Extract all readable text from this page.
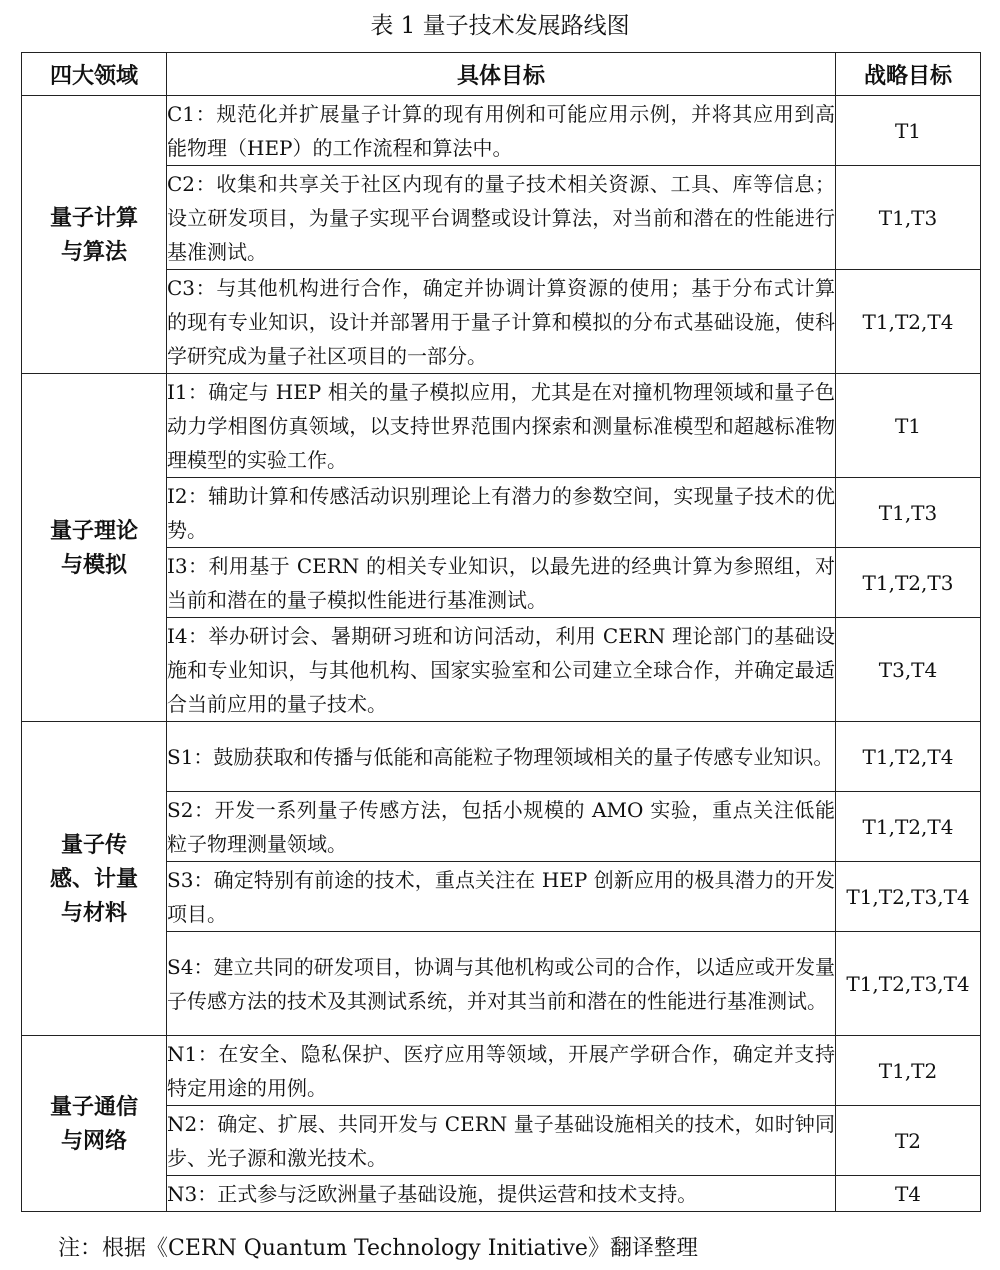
表 1 量子技术发展路线图
四大领域	具体目标	战略目标
量子计算
与算法	C1：规范化并扩展量子计算的现有用例和可能应用示例，并将其应用到高能物理（HEP）的工作流程和算法中。	T1
	C2：收集和共享关于社区内现有的量子技术相关资源、工具、库等信息；设立研发项目，为量子实现平台调整或设计算法，对当前和潜在的性能进行基准测试。	T1,T3
	C3：与其他机构进行合作，确定并协调计算资源的使用；基于分布式计算的现有专业知识，设计并部署用于量子计算和模拟的分布式基础设施，使科学研究成为量子社区项目的一部分。	T1,T2,T4
量子理论
与模拟	I1：确定与 HEP 相关的量子模拟应用，尤其是在对撞机物理领域和量子色动力学相图仿真领域，以支持世界范围内探索和测量标准模型和超越标准物理模型的实验工作。	T1
	I2：辅助计算和传感活动识别理论上有潜力的参数空间，实现量子技术的优势。	T1,T3
	I3：利用基于 CERN 的相关专业知识，以最先进的经典计算为参照组，对当前和潜在的量子模拟性能进行基准测试。	T1,T2,T3
	I4：举办研讨会、暑期研习班和访问活动，利用 CERN 理论部门的基础设施和专业知识，与其他机构、国家实验室和公司建立全球合作，并确定最适合当前应用的量子技术。	T3,T4
量子传
感、计量
与材料	S1：鼓励获取和传播与低能和高能粒子物理领域相关的量子传感专业知识。	T1,T2,T4
	S2：开发一系列量子传感方法，包括小规模的 AMO 实验，重点关注低能粒子物理测量领域。	T1,T2,T4
	S3：确定特别有前途的技术，重点关注在 HEP 创新应用的极具潜力的开发项目。	T1,T2,T3,T4
	S4：建立共同的研发项目，协调与其他机构或公司的合作，以适应或开发量子传感方法的技术及其测试系统，并对其当前和潜在的性能进行基准测试。	T1,T2,T3,T4
量子通信
与网络	N1：在安全、隐私保护、医疗应用等领域，开展产学研合作，确定并支持特定用途的用例。	T1,T2
	N2：确定、扩展、共同开发与 CERN 量子基础设施相关的技术，如时钟同步、光子源和激光技术。	T2
	N3：正式参与泛欧洲量子基础设施，提供运营和技术支持。	T4
注：根据《CERN Quantum Technology Initiative》翻译整理
